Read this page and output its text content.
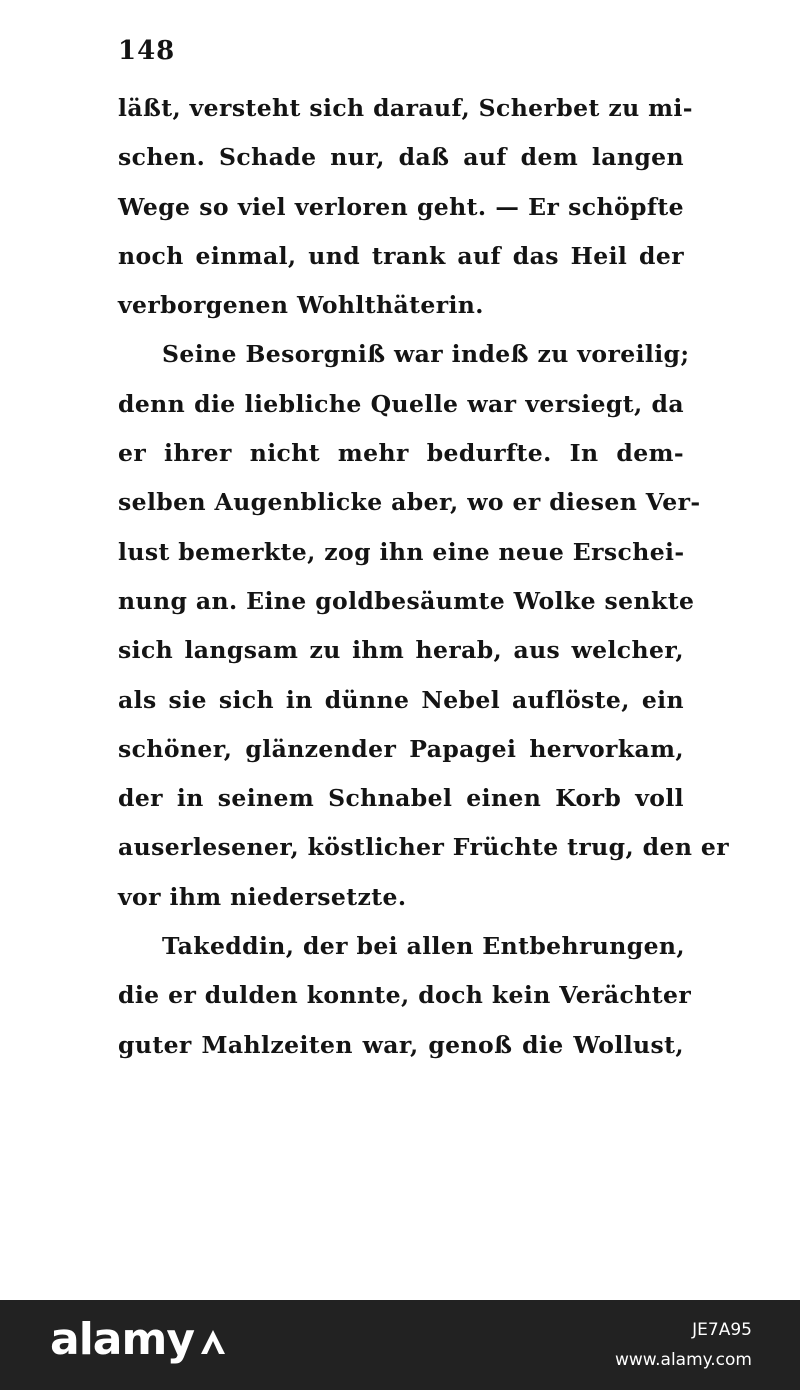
148
läßt, versteht sich darauf, Scherbet zu mi-
schen. Schade nur, daß auf dem langen
Wege so viel verloren geht. — Er schöpfte
noch einmal, und trank auf das Heil der
verborgenen Wohlthäterin.
Seine Besorgniß war indeß zu voreilig;
denn die liebliche Quelle war versiegt, da
er ihrer nicht mehr bedurfte. In dem-
selben Augenblicke aber, wo er diesen Ver-
lust bemerkte, zog ihn eine neue Erschei-
nung an. Eine goldbesäumte Wolke senkte
sich langsam zu ihm herab, aus welcher,
als sie sich in dünne Nebel auflöste, ein
schöner, glänzender Papagei hervorkam,
der in seinem Schnabel einen Korb voll
auserlesener, köstlicher Früchte trug, den er
vor ihm niedersetzte.
Takeddin, der bei allen Entbehrungen,
die er dulden konnte, doch kein Verächter
guter Mahlzeiten war, genoß die Wollust,
alamy	JE7A95
www.alamy.com
